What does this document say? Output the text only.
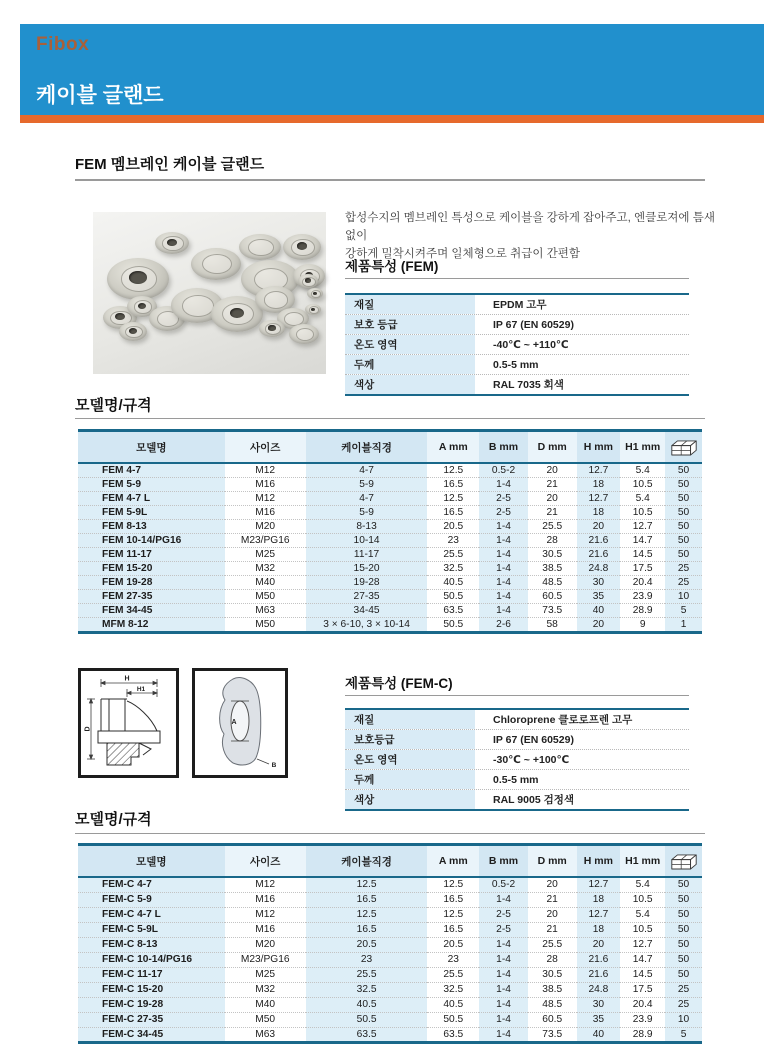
Fibox
케이블 글랜드
FEM 멤브레인 케이블 글랜드

합성수지의 멤브레인 특성으로 케이블을 강하게 잡아주고, 엔클로져에 틈새없이
강하게 밀착시켜주며 일체형으로 취급이 간편함

제품특성 (FEM)
재질	EPDM 고무
보호 등급	IP 67 (EN 60529)
온도 영역	-40℃ ~ +110℃
두께	0.5-5 mm
색상	RAL 7035 회색
모델명/규격
모델명	사이즈	케이블직경	A mm	B mm	D mm	H mm	H1 mm	

FEM 4-7	M12	4-7	12.5	0.5-2	20	12.7	5.4	50
FEM 5-9	M16	5-9	16.5	1-4	21	18	10.5	50
FEM 4-7 L	M12	4-7	12.5	2-5	20	12.7	5.4	50
FEM 5-9L	M16	5-9	16.5	2-5	21	18	10.5	50
FEM 8-13	M20	8-13	20.5	1-4	25.5	20	12.7	50
FEM 10-14/PG16	M23/PG16	10-14	23	1-4	28	21.6	14.7	50
FEM 11-17	M25	11-17	25.5	1-4	30.5	21.6	14.5	50
FEM 15-20	M32	15-20	32.5	1-4	38.5	24.8	17.5	25
FEM 19-28	M40	19-28	40.5	1-4	48.5	30	20.4	25
FEM 27-35	M50	27-35	50.5	1-4	60.5	35	23.9	10
FEM 34-45	M63	34-45	63.5	1-4	73.5	40	28.9	5
MFM 8-12	M50	3 × 6-10, 3 × 10-14	50.5	2-6	58	20	9	1
H
H1
D
A
B
제품특성 (FEM-C)
재질	Chloroprene 클로로프렌 고무
보호등급	IP 67 (EN 60529)
온도 영역	-30℃ ~ +100℃
두께	0.5-5 mm
색상	RAL 9005 검정색
모델명/규격
모델명	사이즈	케이블직경	A mm	B mm	D mm	H mm	H1 mm	

FEM-C 4-7	M12	12.5	12.5	0.5-2	20	12.7	5.4	50
FEM-C 5-9	M16	16.5	16.5	1-4	21	18	10.5	50
FEM-C 4-7 L	M12	12.5	12.5	2-5	20	12.7	5.4	50
FEM-C 5-9L	M16	16.5	16.5	2-5	21	18	10.5	50
FEM-C 8-13	M20	20.5	20.5	1-4	25.5	20	12.7	50
FEM-C 10-14/PG16	M23/PG16	23	23	1-4	28	21.6	14.7	50
FEM-C 11-17	M25	25.5	25.5	1-4	30.5	21.6	14.5	50
FEM-C 15-20	M32	32.5	32.5	1-4	38.5	24.8	17.5	25
FEM-C 19-28	M40	40.5	40.5	1-4	48.5	30	20.4	25
FEM-C 27-35	M50	50.5	50.5	1-4	60.5	35	23.9	10
FEM-C 34-45	M63	63.5	63.5	1-4	73.5	40	28.9	5
